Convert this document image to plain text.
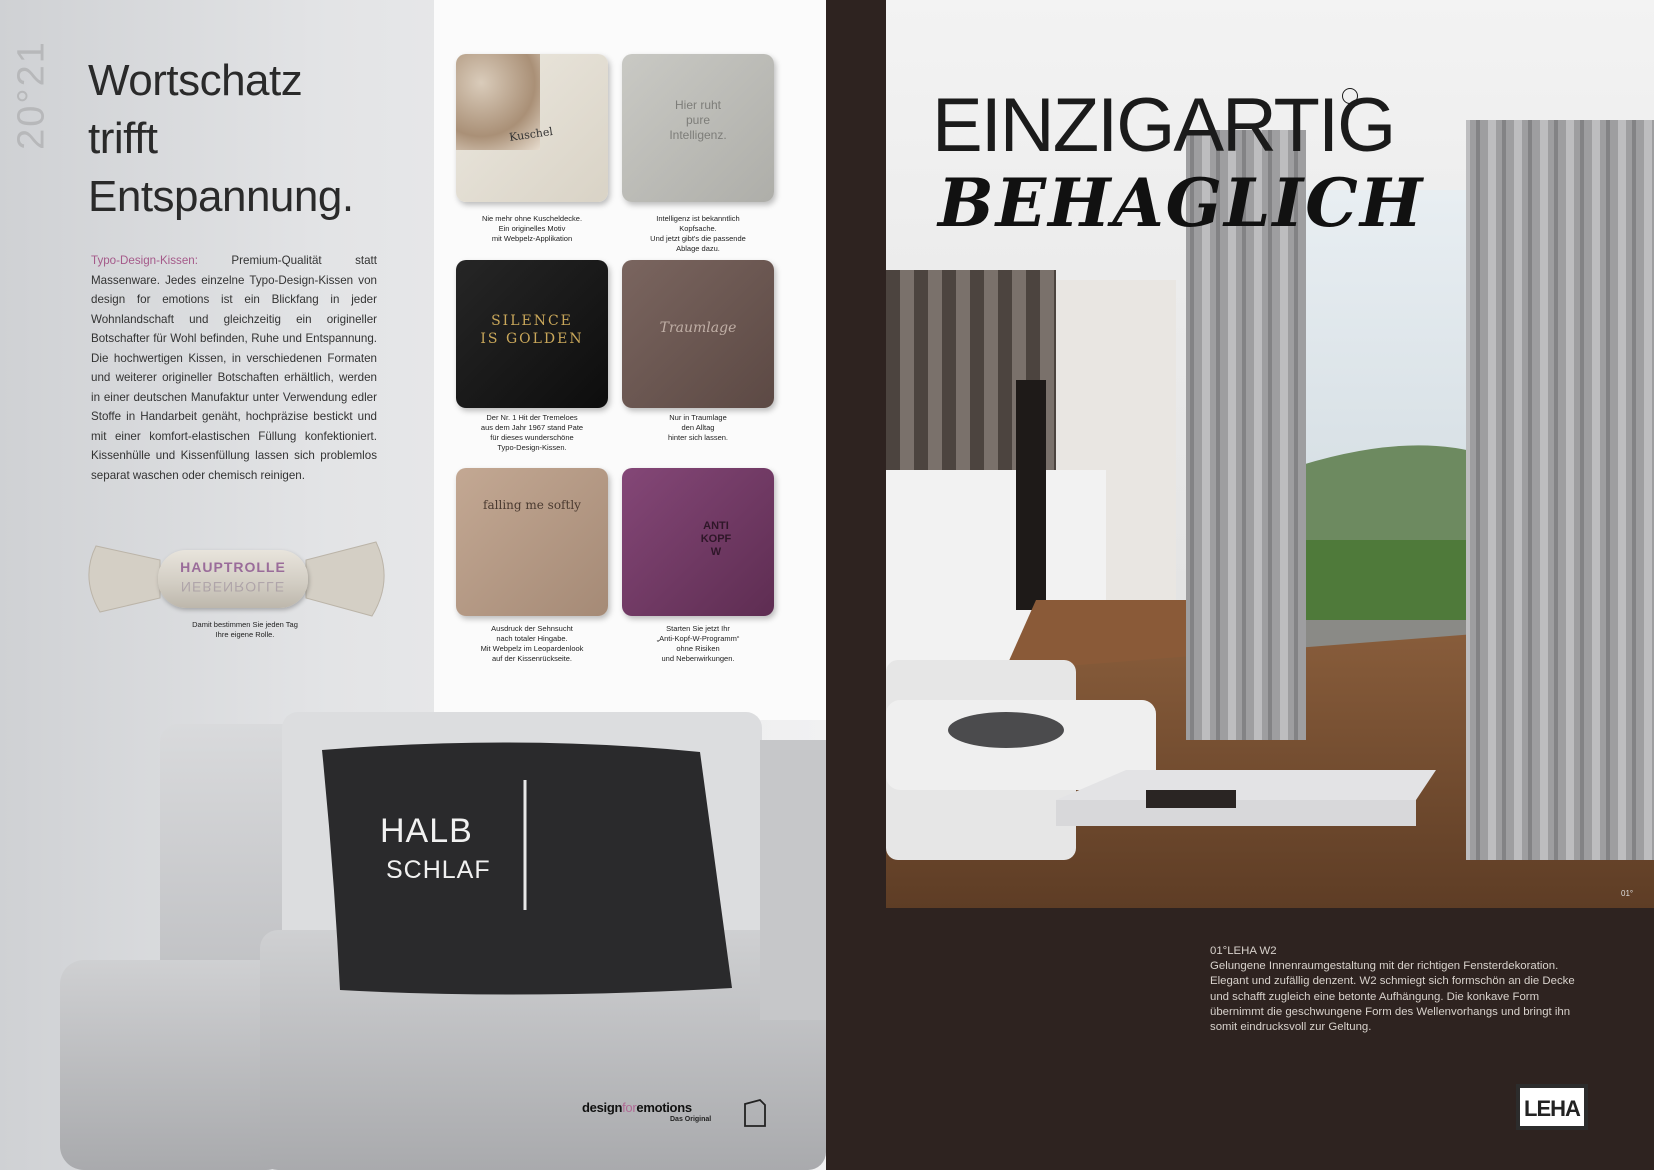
20°21 Wortschatz
trifft
Entspannung.
Typo-Design-Kissen: Premium-Qualität statt Massenware. Jedes einzelne Typo-Design-Kissen von design for emotions ist ein Blickfang in jeder Wohnlandschaft und gleichzeitig ein origineller Botschafter für Wohl befinden, Ruhe und Entspannung. Die hochwertigen Kissen, in verschiedenen Formaten und weiterer origineller Botschaften erhältlich, werden in einer deutschen Manufaktur unter Verwendung edler Stoffe in Handarbeit genäht, hochpräzise bestickt und mit einer komfort-elastischen Füllung konfektioniert. Kissenhülle und Kissenfüllung lassen sich problemlos separat waschen oder chemisch reinigen.
Kuschel
Hier ruht
pure
Intelligenz.
SILENCE
IS GOLDEN
Traumlage
falling me softly
ANTI
KOPF
W
Nie mehr ohne Kuscheldecke.
Ein originelles Motiv
mit Webpelz-Applikation
Intelligenz ist bekanntlich
Kopfsache.
Und jetzt gibt's die passende
Ablage dazu.
Der Nr. 1 Hit der Tremeloes
aus dem Jahr 1967 stand Pate
für dieses wunderschöne
Typo-Design-Kissen.
Nur in Traumlage
den Alltag
hinter sich lassen.
Ausdruck der Sehnsucht
nach totaler Hingabe.
Mit Webpelz im Leopardenlook
auf der Kissenrückseite.
Starten Sie jetzt Ihr
„Anti-Kopf-W-Programm“
ohne Risiken
und Nebenwirkungen.
HAUPTROLLE
NEBENROLLE
Damit bestimmen Sie jeden Tag
Ihre eigene Rolle.
HALB
SCHLAF
designforemotions
Das Original
EINZIGARTIG
BEHAGLICH
01°
01°LEHA W2
Gelungene Innenraumgestaltung mit der richtigen Fensterdekoration. Elegant und zufällig denzent. W2 schmiegt sich formschön an die Decke und schafft zugleich eine betonte Aufhängung. Die konkave Form übernimmt die geschwungene Form des Wellenvorhangs und bringt ihn somit eindrucksvoll zur Geltung.
LEHA
